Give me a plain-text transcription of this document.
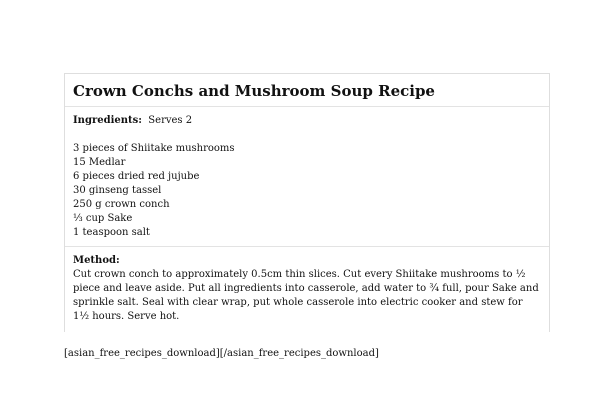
Crown Conchs and Mushroom Soup Recipe
Ingredients: Serves 2
3 pieces of Shiitake mushrooms
15 Medlar
6 pieces dried red jujube
30 ginseng tassel
250 g crown conch
⅓ cup Sake
1 teaspoon salt
Method:

Cut crown conch to approximately 0.5cm thin slices. Cut every Shiitake mushrooms to ½ piece and leave aside. Put all ingredients into casserole, add water to ¾ full, pour Sake and sprinkle salt. Seal with clear wrap, put whole casserole into electric cooker and stew for 1½ hours. Serve hot.

[asian_free_recipes_download][/asian_free_recipes_download]
